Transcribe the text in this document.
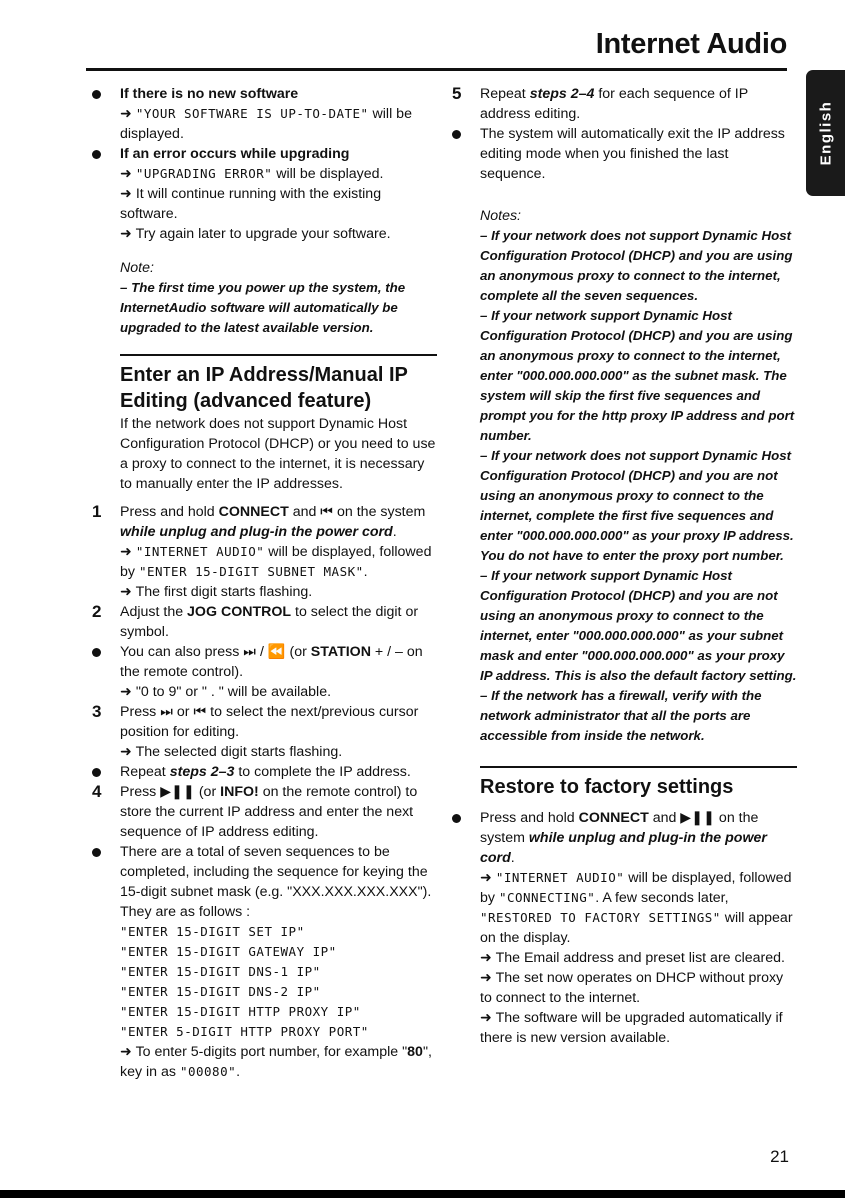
Internet Audio
English
If there is no new software
➜ "YOUR SOFTWARE IS UP-TO-DATE" will be displayed.
If an error occurs while upgrading
➜ "UPGRADING ERROR" will be displayed.
➜ It will continue running with the existing software.
➜ Try again later to upgrade your software.
Note:
– The first time you power up the system, the InternetAudio software will automatically be upgraded to the latest available version.
Enter an IP Address/Manual IP Editing (advanced feature)
If the network does not support Dynamic Host Configuration Protocol (DHCP) or you need to use a proxy to connect to the internet, it is necessary to manually enter the IP addresses.
1	Press and hold CONNECT and ⏮ on the system while unplug and plug-in the power cord.
➜ "INTERNET AUDIO" will be displayed, followed by "ENTER 15-DIGIT SUBNET MASK".
➜ The first digit starts flashing.
2	Adjust the JOG CONTROL to select the digit or symbol.
You can also press ⏭ / ⏪ (or STATION + / – on the remote control).
➜ "0 to 9" or " . " will be available.
3	Press ⏭ or ⏮ to select the next/previous cursor position for editing.
➜ The selected digit starts flashing.
Repeat steps 2–3 to complete the IP address.
4	Press ▶❚❚ (or INFO! on the remote control) to store the current IP address and enter the next sequence of IP address editing.
There are a total of seven sequences to be completed, including the sequence for keying the 15-digit subnet mask (e.g. "XXX.XXX.XXX.XXX"). They are as follows :
"ENTER 15-DIGIT SET IP"
"ENTER 15-DIGIT GATEWAY IP"
"ENTER 15-DIGIT DNS-1 IP"
"ENTER 15-DIGIT DNS-2 IP"
"ENTER 15-DIGIT HTTP PROXY IP"
"ENTER 5-DIGIT HTTP PROXY PORT"
➜ To enter 5-digits port number, for example "80", key in as "00080".
5	Repeat steps 2–4 for each sequence of IP address editing.
The system will automatically exit the IP address editing mode when you finished the last sequence.
Notes:
– If your network does not support Dynamic Host Configuration Protocol (DHCP) and you are using an anonymous proxy to connect to the internet, complete all the seven sequences.
– If your network support Dynamic Host Configuration Protocol (DHCP) and you are using an anonymous proxy to connect to the internet, enter "000.000.000.000" as the subnet mask. The system will skip the first five sequences and prompt you for the http proxy IP address and port number.
– If your network does not support Dynamic Host Configuration Protocol (DHCP) and you are not using an anonymous proxy to connect to the internet, complete the first five sequences and enter "000.000.000.000" as your proxy IP address. You do not have to enter the proxy port number.
– If your network support Dynamic Host Configuration Protocol (DHCP) and you are not using an anonymous proxy to connect to the internet, enter "000.000.000.000" as your subnet mask and enter "000.000.000.000" as your proxy IP address. This is also the default factory setting.
– If the network has a firewall, verify with the network administrator that all the ports are accessible from inside the network.
Restore to factory settings
Press and hold CONNECT and ▶❚❚ on the system while unplug and plug-in the power cord.
➜ "INTERNET AUDIO" will be displayed, followed by "CONNECTING". A few seconds later, "RESTORED TO FACTORY SETTINGS" will appear on the display.
➜ The Email address and preset list are cleared.
➜ The set now operates on DHCP without proxy to connect to the internet.
➜ The software will be upgraded automatically if there is new version available.
21
